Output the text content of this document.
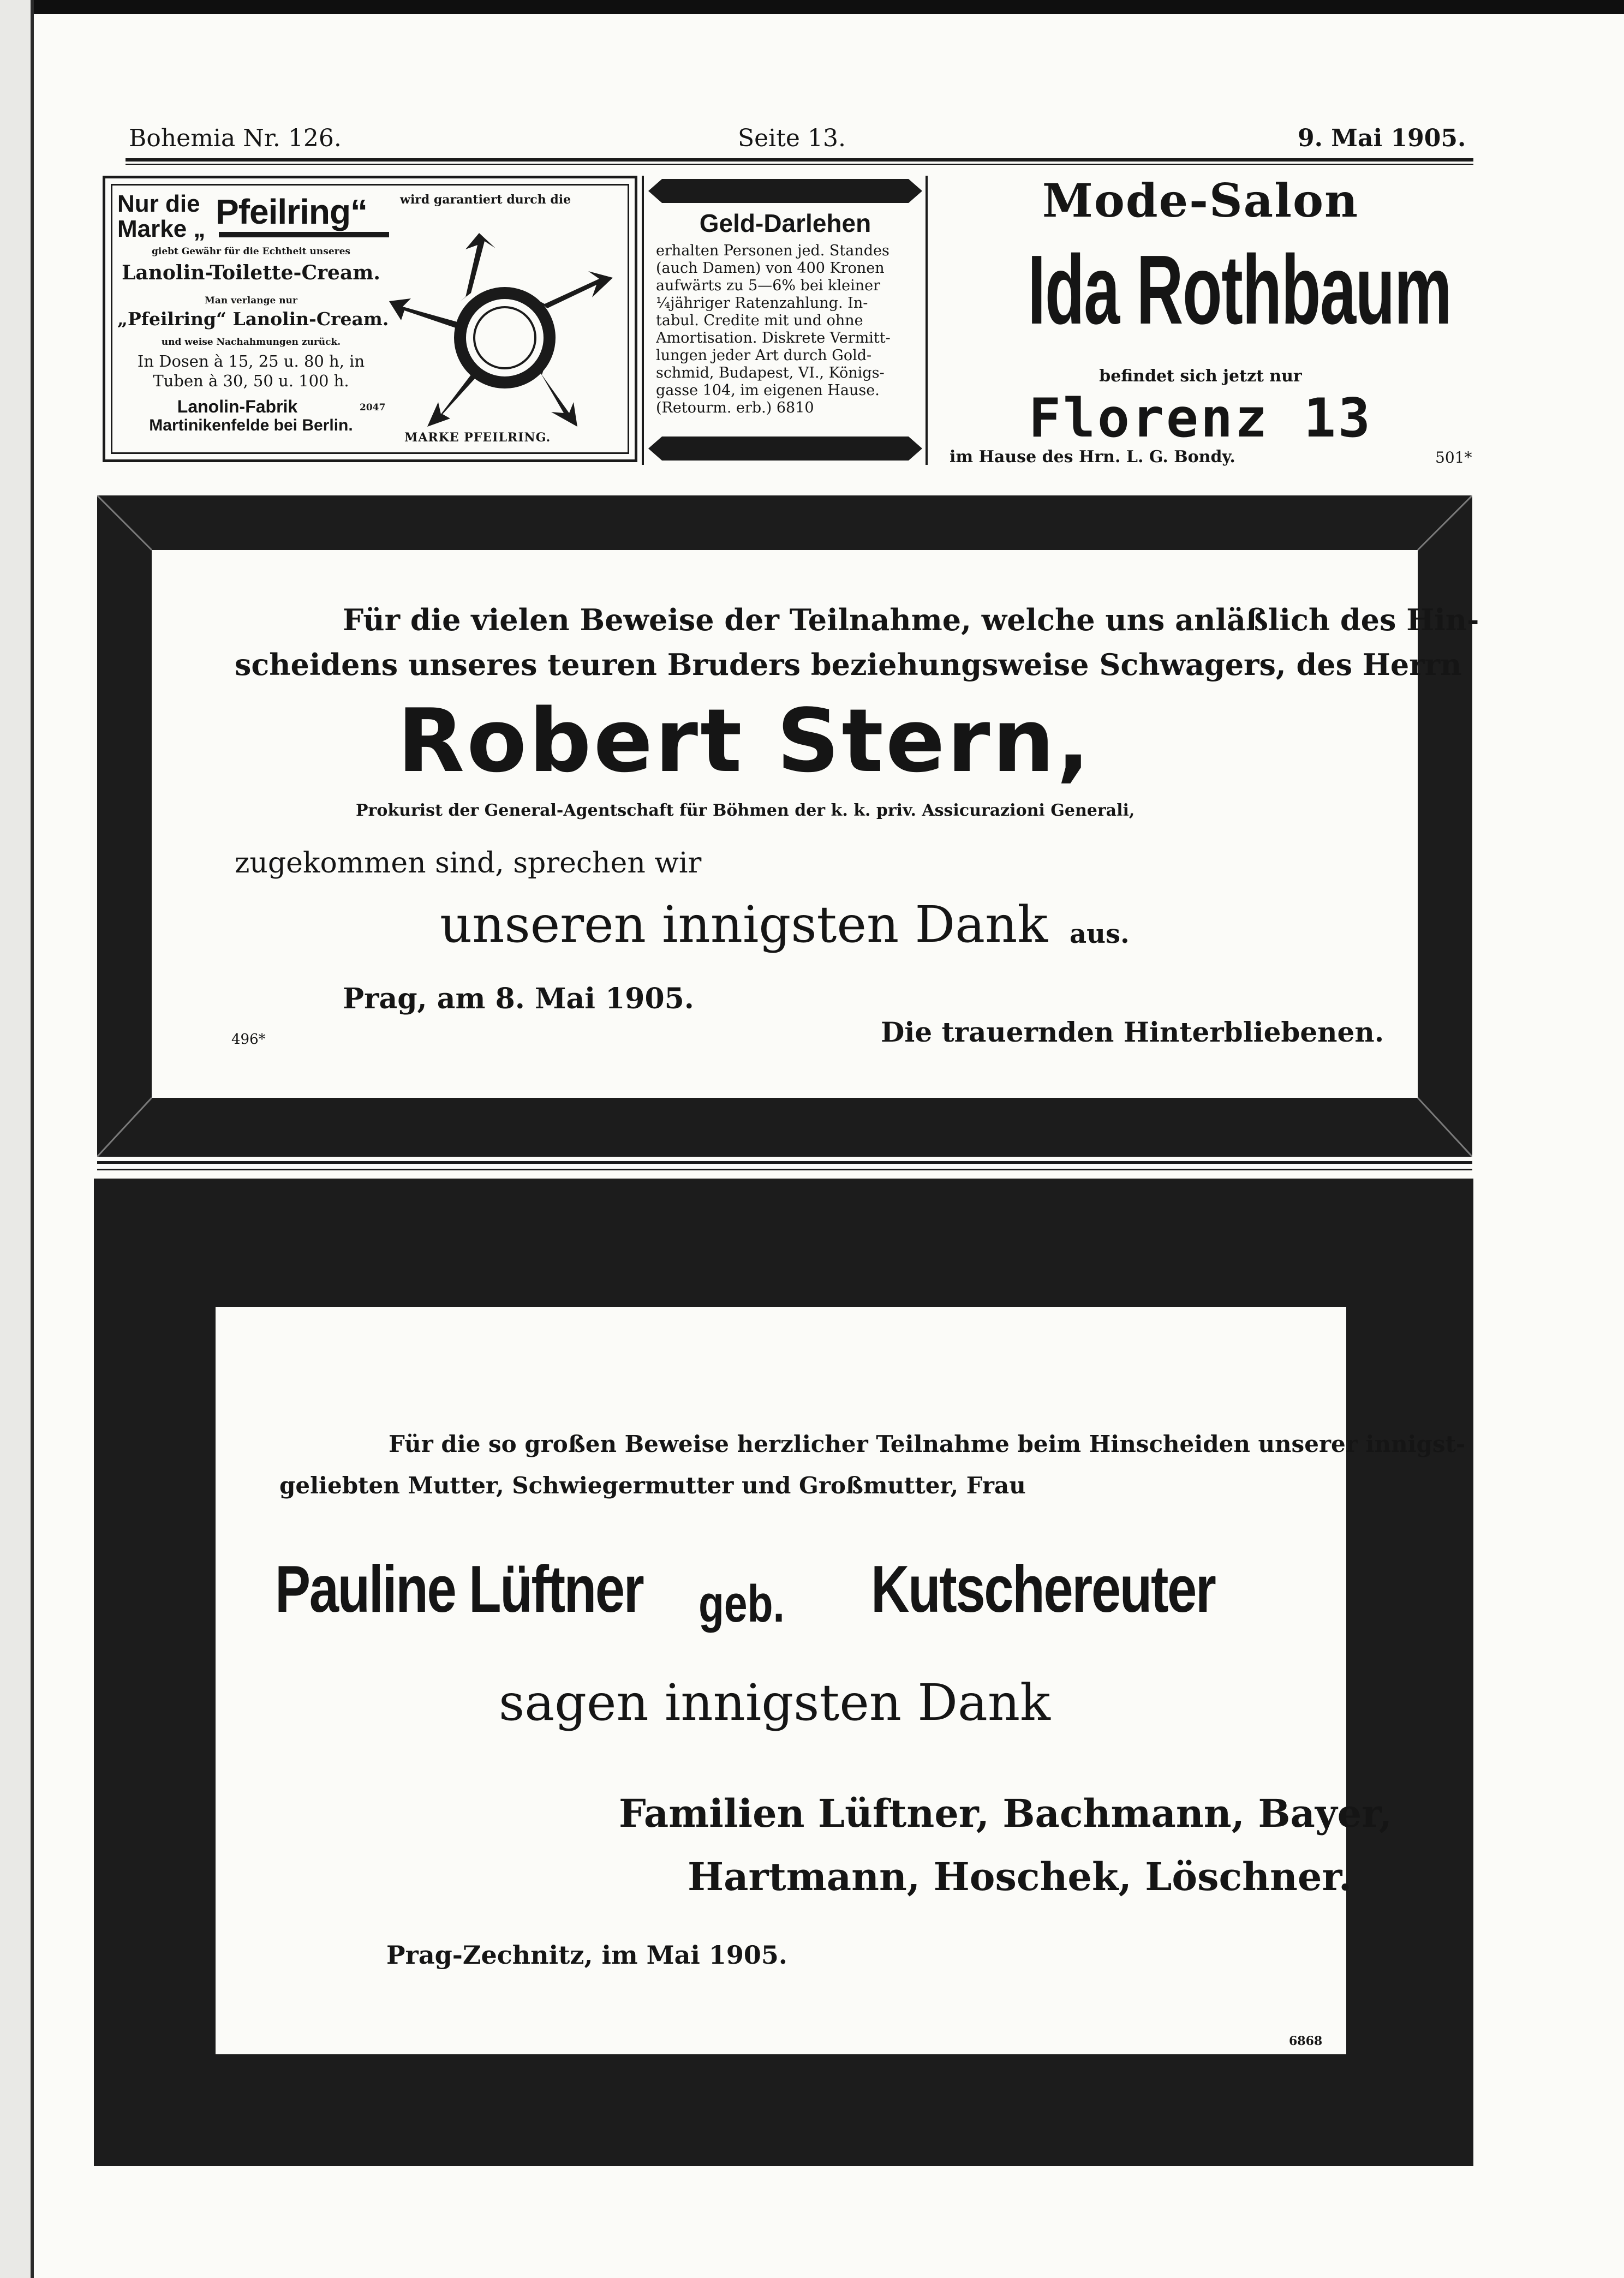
Bohemia Nr. 126.	Seite 13.	9. Mai 1905.
Nur die
Marke „ Pfeilring“	wird garantiert durch die
giebt Gewähr für die Echtheit unseres
Lanolin-Toilette-Cream.
Man verlange nur
„Pfeilring“ Lanolin-Cream.
und weise Nachahmungen zurück.
In Dosen à 15, 25 u. 80 h, in
Tuben à 30, 50 u. 100 h.
Lanolin-Fabrik	2047
Martinikenfelde bei Berlin.
MARKE PFEILRING.
Geld-Darlehen
erhalten Personen jed. Standes
(auch Damen) von 400 Kronen
aufwärts zu 5—6% bei kleiner
¼jähriger Ratenzahlung. In-
tabul. Credite mit und ohne
Amortisation. Diskrete Vermitt-
lungen jeder Art durch Gold-
schmid, Budapest, VI., Königs-
gasse 104, im eigenen Hause.
(Retourm. erb.) 6810
Mode-Salon
Ida Rothbaum
befindet sich jetzt nur
Florenz 13
im Hause des Hrn. L. G. Bondy.	501*
Für die vielen Beweise der Teilnahme, welche uns anläßlich des Hin-
scheidens unseres teuren Bruders beziehungsweise Schwagers, des Herrn
Robert Stern,
Prokurist der General-Agentschaft für Böhmen der k. k. priv. Assicurazioni Generali,
zugekommen sind, sprechen wir
unseren innigsten Dank aus.
Prag, am 8. Mai 1905.
Die trauernden Hinterbliebenen.
496*
Für die so großen Beweise herzlicher Teilnahme beim Hinscheiden unserer innigst-
geliebten Mutter, Schwiegermutter und Großmutter, Frau
Pauline Lüftner geb. Kutschereuter
sagen innigsten Dank
Familien Lüftner, Bachmann, Bayer,
Hartmann, Hoschek, Löschner.
Prag-Zechnitz, im Mai 1905.
6868
